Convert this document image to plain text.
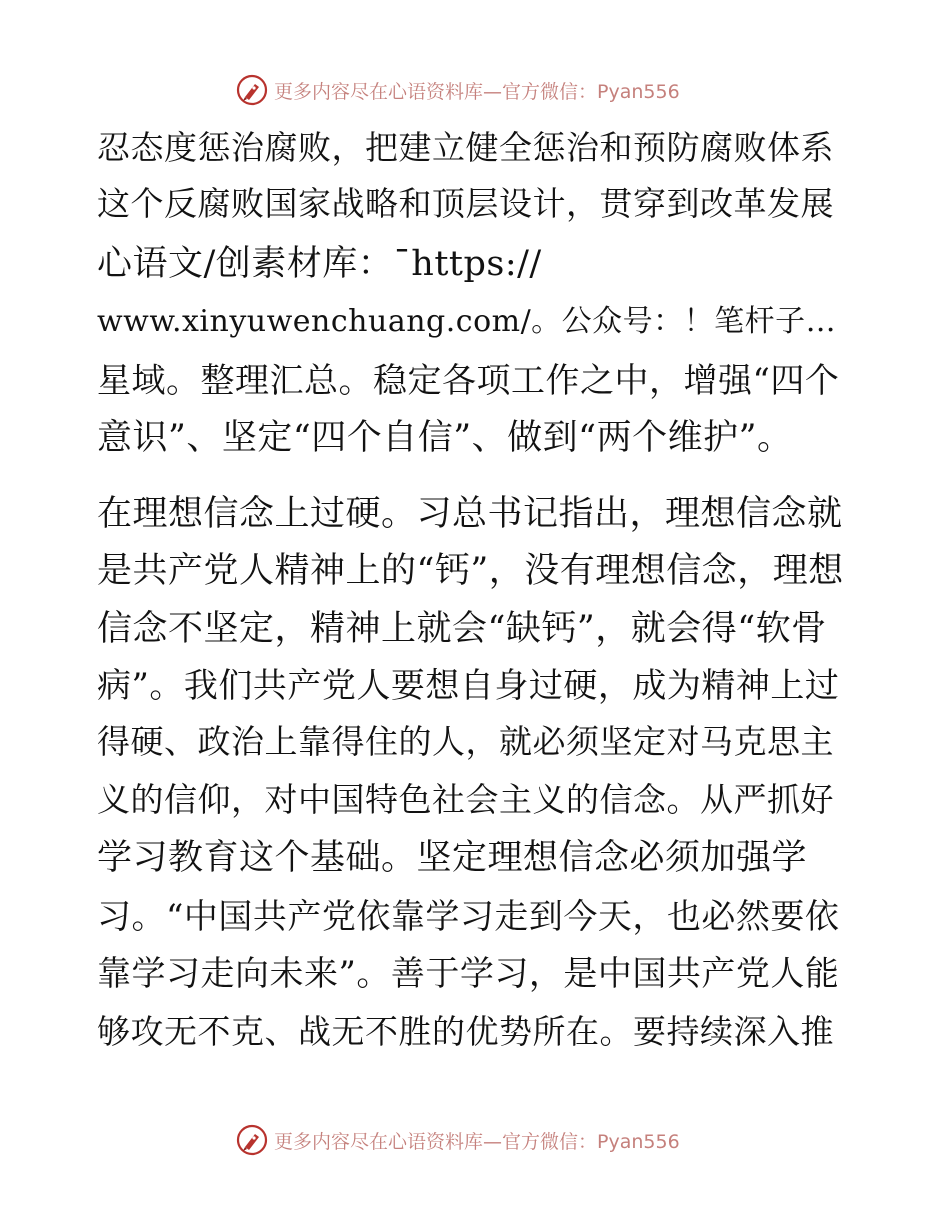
更多内容尽在心语资料库—官方微信：Pyan556
忍态度惩治腐败，把建立健全惩治和预防腐败体系
这个反腐败国家战略和顶层设计，贯穿到改革发展
心语文/创素材库：¯https://
www.xinyuwenchuang.com/。公众号：！笔杆子…
星域。整理汇总。稳定各项工作之中，增强“四个
意识”、坚定“四个自信”、做到“两个维护”。
在理想信念上过硬。习总书记指出，理想信念就
是共产党人精神上的“钙”，没有理想信念，理想
信念不坚定，精神上就会“缺钙”，就会得“软骨
病”。我们共产党人要想自身过硬，成为精神上过
得硬、政治上靠得住的人，就必须坚定对马克思主
义的信仰，对中国特色社会主义的信念。从严抓好
学习教育这个基础。坚定理想信念必须加强学
习。“中国共产党依靠学习走到今天，也必然要依
靠学习走向未来”。善于学习，是中国共产党人能
够攻无不克、战无不胜的优势所在。要持续深入推
更多内容尽在心语资料库—官方微信：Pyan556
